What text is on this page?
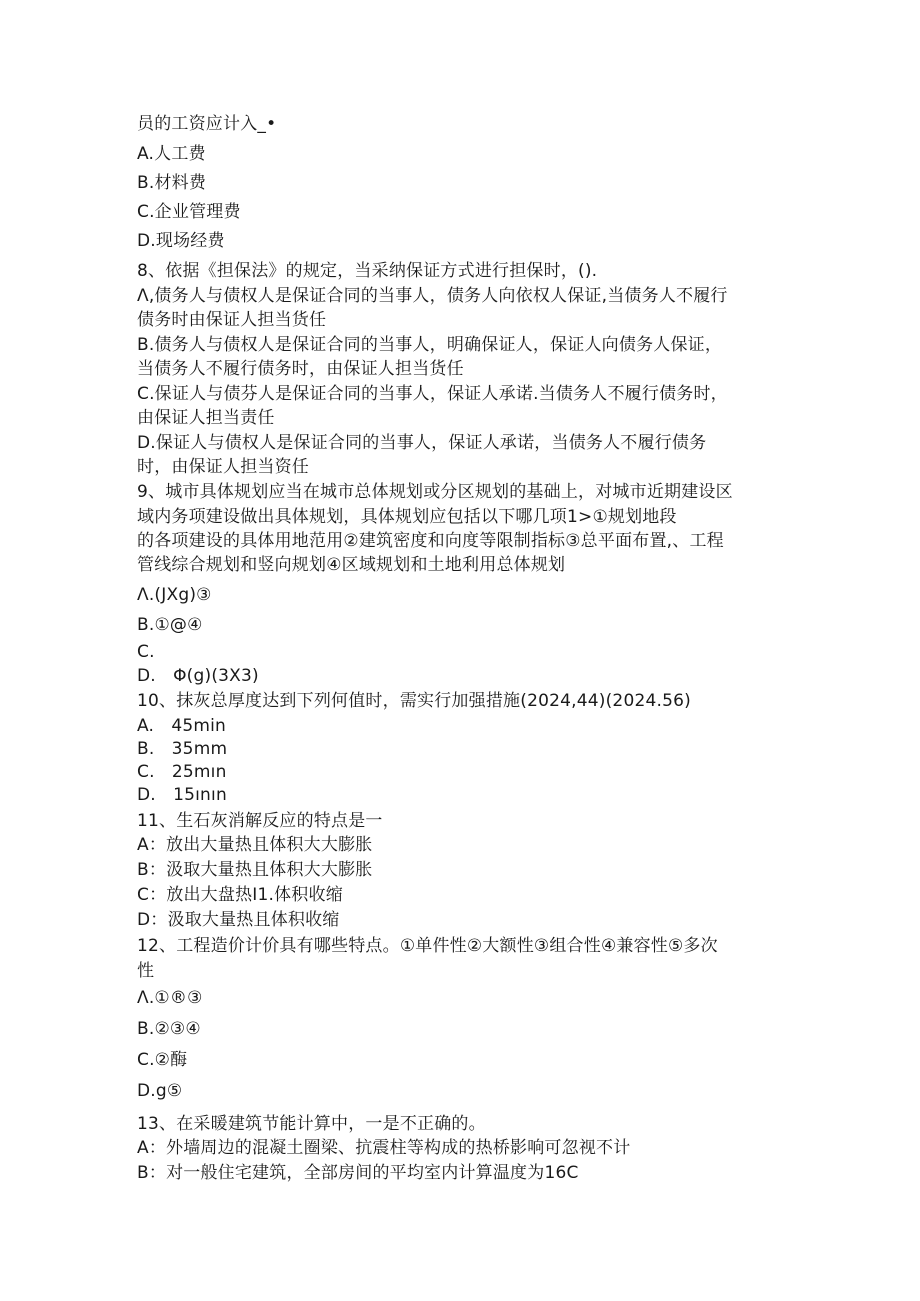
员的工资应计入_•
A.人工费
B.材料费
C.企业管理费
D.现场经费
8、依据《担保法》的规定，当采纳保证方式进行担保时，().
Λ,债务人与债权人是保证合同的当事人，债务人向依权人保证,当债务人不履行
债务时由保证人担当货任
B.债务人与债权人是保证合同的当事人，明确保证人，保证人向债务人保证，
当债务人不履行债务时，由保证人担当货任
C.保证人与债芬人是保证合同的当事人，保证人承诺.当债务人不履行债务时，
由保证人担当责任
D.保证人与债权人是保证合同的当事人，保证人承诺，当债务人不履行债务
时，由保证人担当资任
9、城市具体规划应当在城市总体规划或分区规划的基础上，对城市近期建设区
域内务项建设做出具体规划，具体规划应包括以下哪几项1>①规划地段
的各项建设的具体用地范用②建筑密度和向度等限制指标③总平面布置,、工程
管线综合规划和竖向规划④区域规划和土地利用总体规划
Λ.(JXg)③
B.①@④
C.
D.　Φ(g)(3X3)
10、抹灰总厚度达到下列何值时，需实行加强措施(2024,44)(2024.56)
A.　45min
B.　35mm
C.　25mın
D.　15ının
11、生石灰消解反应的特点是一
A：放出大量热且体积大大膨胀
B：汲取大量热且体积大大膨胀
C：放出大盘热I1.体积收缩
D：汲取大量热且体积收缩
12、工程造价计价具有哪些特点。①单件性②大额性③组合性④兼容性⑤多次
性
Λ.①®③
B.②③④
C.②酶
D.g⑤
13、在采暖建筑节能计算中，一是不正确的。
A：外墙周边的混凝土圈梁、抗震柱等构成的热桥影响可忽视不计
B：对一般住宅建筑，全部房间的平均室内计算温度为16C
